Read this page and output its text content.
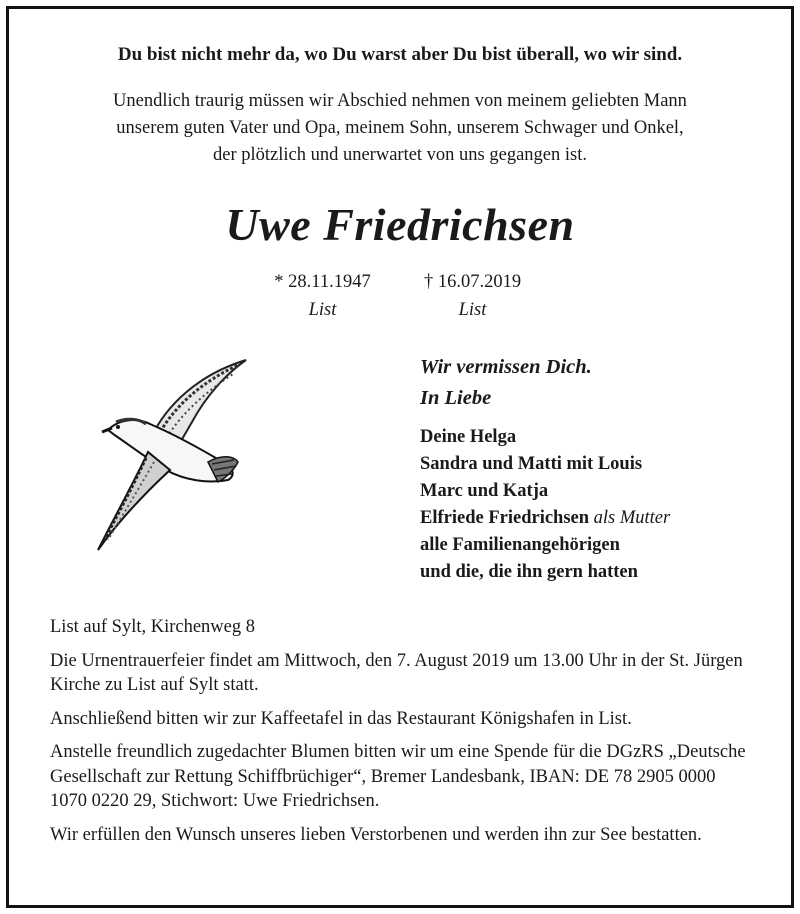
Du bist nicht mehr da, wo Du warst aber Du bist überall, wo wir sind.
Unendlich traurig müssen wir Abschied nehmen von meinem geliebten Mann
unserem guten Vater und Opa, meinem Sohn, unserem Schwager und Onkel,
der plötzlich und unerwartet von uns gegangen ist.
Uwe Friedrichsen
* 28.11.1947
List
† 16.07.2019
List
Wir vermissen Dich.
In Liebe
Deine Helga
Sandra und Matti mit Louis
Marc und Katja
Elfriede Friedrichsen als Mutter
alle Familienangehörigen
und die, die ihn gern hatten

List auf Sylt, Kirchenweg 8

Die Urnentrauerfeier findet am Mittwoch, den 7. August 2019 um 13.00 Uhr in der St. Jürgen Kirche zu List auf Sylt statt.

Anschließend bitten wir zur Kaffeetafel in das Restaurant Königshafen in List.

Anstelle freundlich zugedachter Blumen bitten wir um eine Spende für die DGzRS „Deutsche Gesellschaft zur Rettung Schiffbrüchiger“, Bremer Landesbank, IBAN: DE 78 2905 0000 1070 0220 29, Stichwort: Uwe Friedrichsen.

Wir erfüllen den Wunsch unseres lieben Verstorbenen und werden ihn zur See bestatten.
